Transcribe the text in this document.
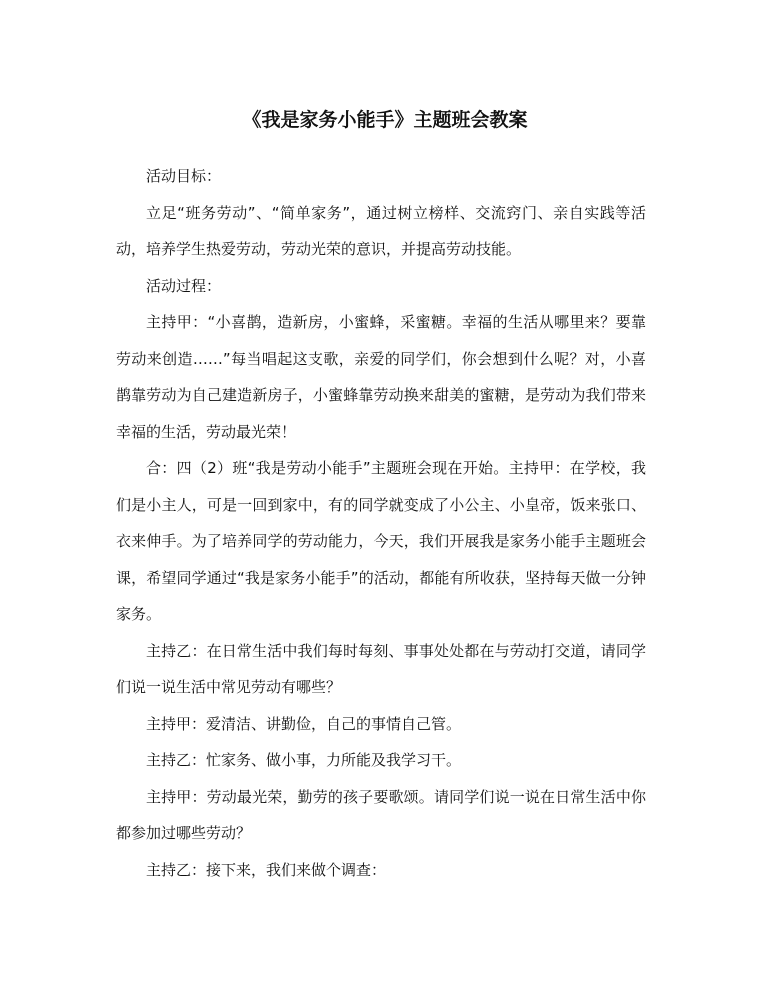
《我是家务小能手》主题班会教案

活动目标：

立足“班务劳动”、“简单家务”，通过树立榜样、交流窍门、亲自实践等活动，培养学生热爱劳动，劳动光荣的意识，并提高劳动技能。

活动过程：

主持甲：“小喜鹊，造新房，小蜜蜂，采蜜糖。幸福的生活从哪里来？要靠劳动来创造……”每当唱起这支歌，亲爱的同学们，你会想到什么呢？对，小喜鹊靠劳动为自己建造新房子，小蜜蜂靠劳动换来甜美的蜜糖，是劳动为我们带来幸福的生活，劳动最光荣！

合：四（2）班“我是劳动小能手”主题班会现在开始。主持甲：在学校，我们是小主人，可是一回到家中，有的同学就变成了小公主、小皇帝，饭来张口、衣来伸手。为了培养同学的劳动能力，今天，我们开展我是家务小能手主题班会课，希望同学通过“我是家务小能手”的活动，都能有所收获，坚持每天做一分钟家务。

主持乙：在日常生活中我们每时每刻、事事处处都在与劳动打交道，请同学们说一说生活中常见劳动有哪些？

主持甲：爱清洁、讲勤俭，自己的事情自己管。

主持乙：忙家务、做小事，力所能及我学习干。

主持甲：劳动最光荣，勤劳的孩子要歌颂。请同学们说一说在日常生活中你都参加过哪些劳动？

主持乙：接下来，我们来做个调查：
